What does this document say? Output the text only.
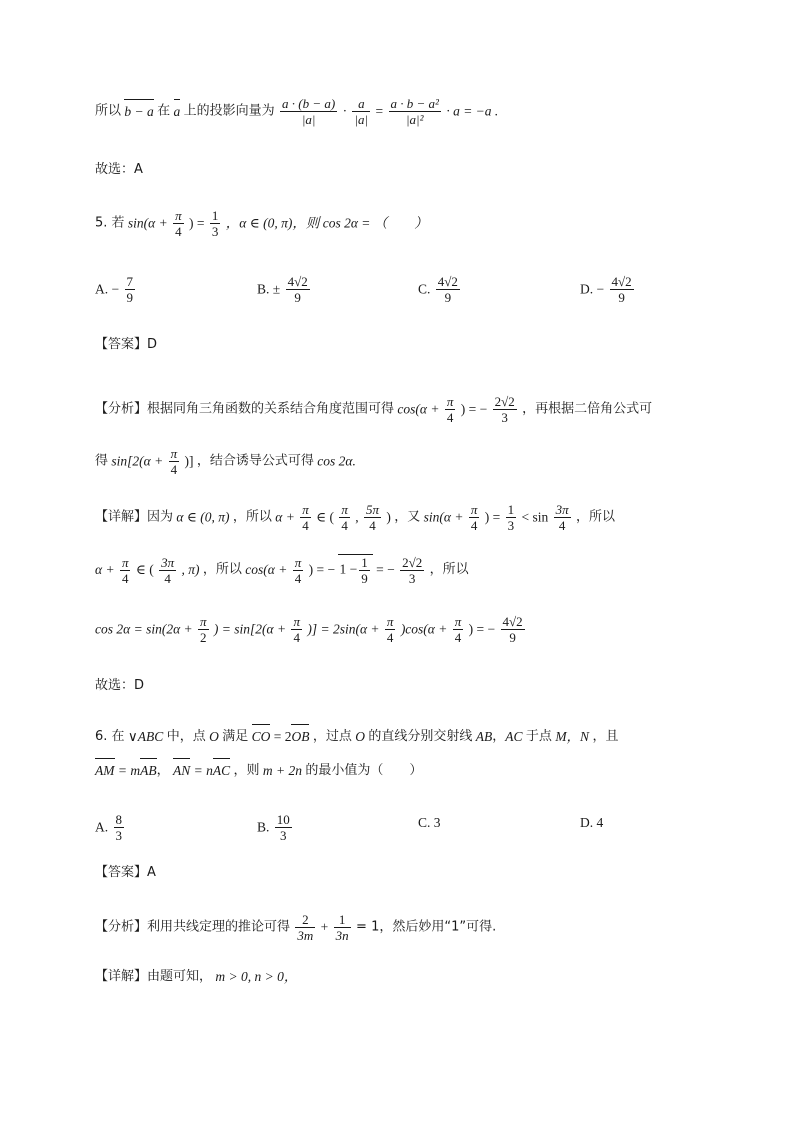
所以 b − a 在 a 上的投影向量为 $\frac{a \cdot (b - a)}{|a|} \cdot \frac{a}{|a|} = \frac{\text{a · b − a²}}{\text{|a|²}} \cdot a = -a$ .
故选：A
5. 若 $\sin(\alpha + \frac{\pi}{4}$ ) = $\frac{1}{3}$ ，α ∈ (0, π)，则 cos 2α = （　　）
A. − $\frac{7}{9}$	B. ± $\frac{4√2}{9}$	C. $\frac{4√2}{9}$	D. − $\frac{4√2}{9}$
【答案】D
【分析】根据同角三角函数的关系结合角度范围可得 $\cos(\alpha + \frac{\pi}{4}$ ) = − $\frac{2√2}{3}$ ，再根据二倍角公式可
得 $\sin[2(\alpha + \frac{\pi}{4}$ )] ，结合诱导公式可得 cos 2α.
【详解】因为 α ∈ (0, π) ，所以 $\alpha + \frac{\pi}{4}$ ∈ ( $\frac{\pi}{4}$ , $\frac{5\pi}{4}$ ) ，又 $\sin(\alpha + \frac{\pi}{4}$ ) = $\frac{1}{3} < \sin \frac{3\pi}{4}$ ，所以
$\alpha + \frac{\pi}{4}$ ∈ ( $\frac{3\pi}{4}$ , π) ，所以 $\cos(\alpha + \frac{\pi}{4}$ ) = − $1 - \frac{1}{9}$ = − $\frac{2√2}{3}$ ，所以
$\cos 2\alpha = \sin(2\alpha + \frac{\pi}{2}$ ) = $\sin[2(\alpha + \frac{\pi}{4}$ )] = $2\sin(\alpha + \frac{\pi}{4} )\cos(\alpha + \frac{\pi}{4}$ ) = − $\frac{4√2}{9}$
故选：D
6. 在 ∨ABC 中，点 O 满足 CO = 2OB ，过点 O 的直线分别交射线 AB，AC 于点 M，N ，且
AM = mAB， AN = nAC ，则 m + 2n 的最小值为（　　）
A. $\frac{8}{3}$	B. $\frac{10}{3}$	C. 3	D. 4
【答案】A
【分析】利用共线定理的推论可得 $\frac{2}{3m} + \frac{1}{3n} = 1$，然后妙用“1”可得.
【详解】由题可知， m > 0, n > 0，
